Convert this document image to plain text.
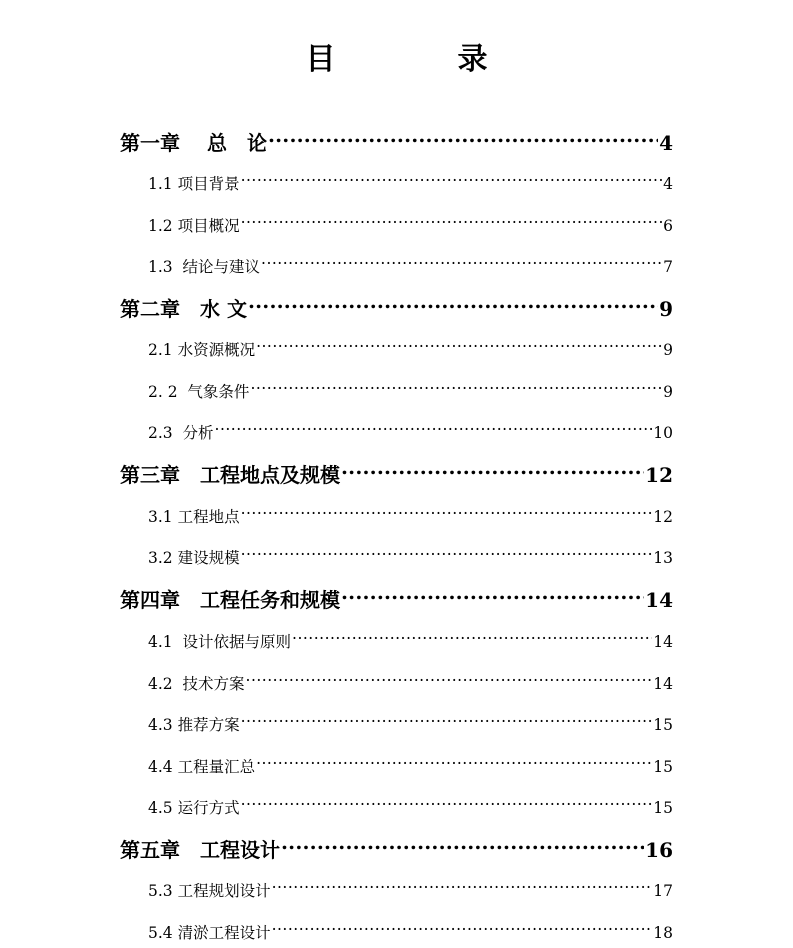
目　录
第一章　 总　论 .....	4
1.1 项目背景 .....	4
1.2 项目概况 .....	6
1.3  结论与建议 .....	7
第二章　水 文 .....	9
2.1 水资源概况 .....	9
2. 2  气象条件 .....	9
2.3  分析 .....	10
第三章　工程地点及规模 .....	12
3.1 工程地点 .....	12
3.2 建设规模 .....	13
第四章　工程任务和规模 .....	14
4.1  设计依据与原则 .....	14
4.2  技术方案 .....	14
4.3 推荐方案 .....	15
4.4 工程量汇总 .....	15
4.5 运行方式 .....	15
第五章　工程设计 .....	16
5.3 工程规划设计 .....	17
5.4 清淤工程设计 .....	18
